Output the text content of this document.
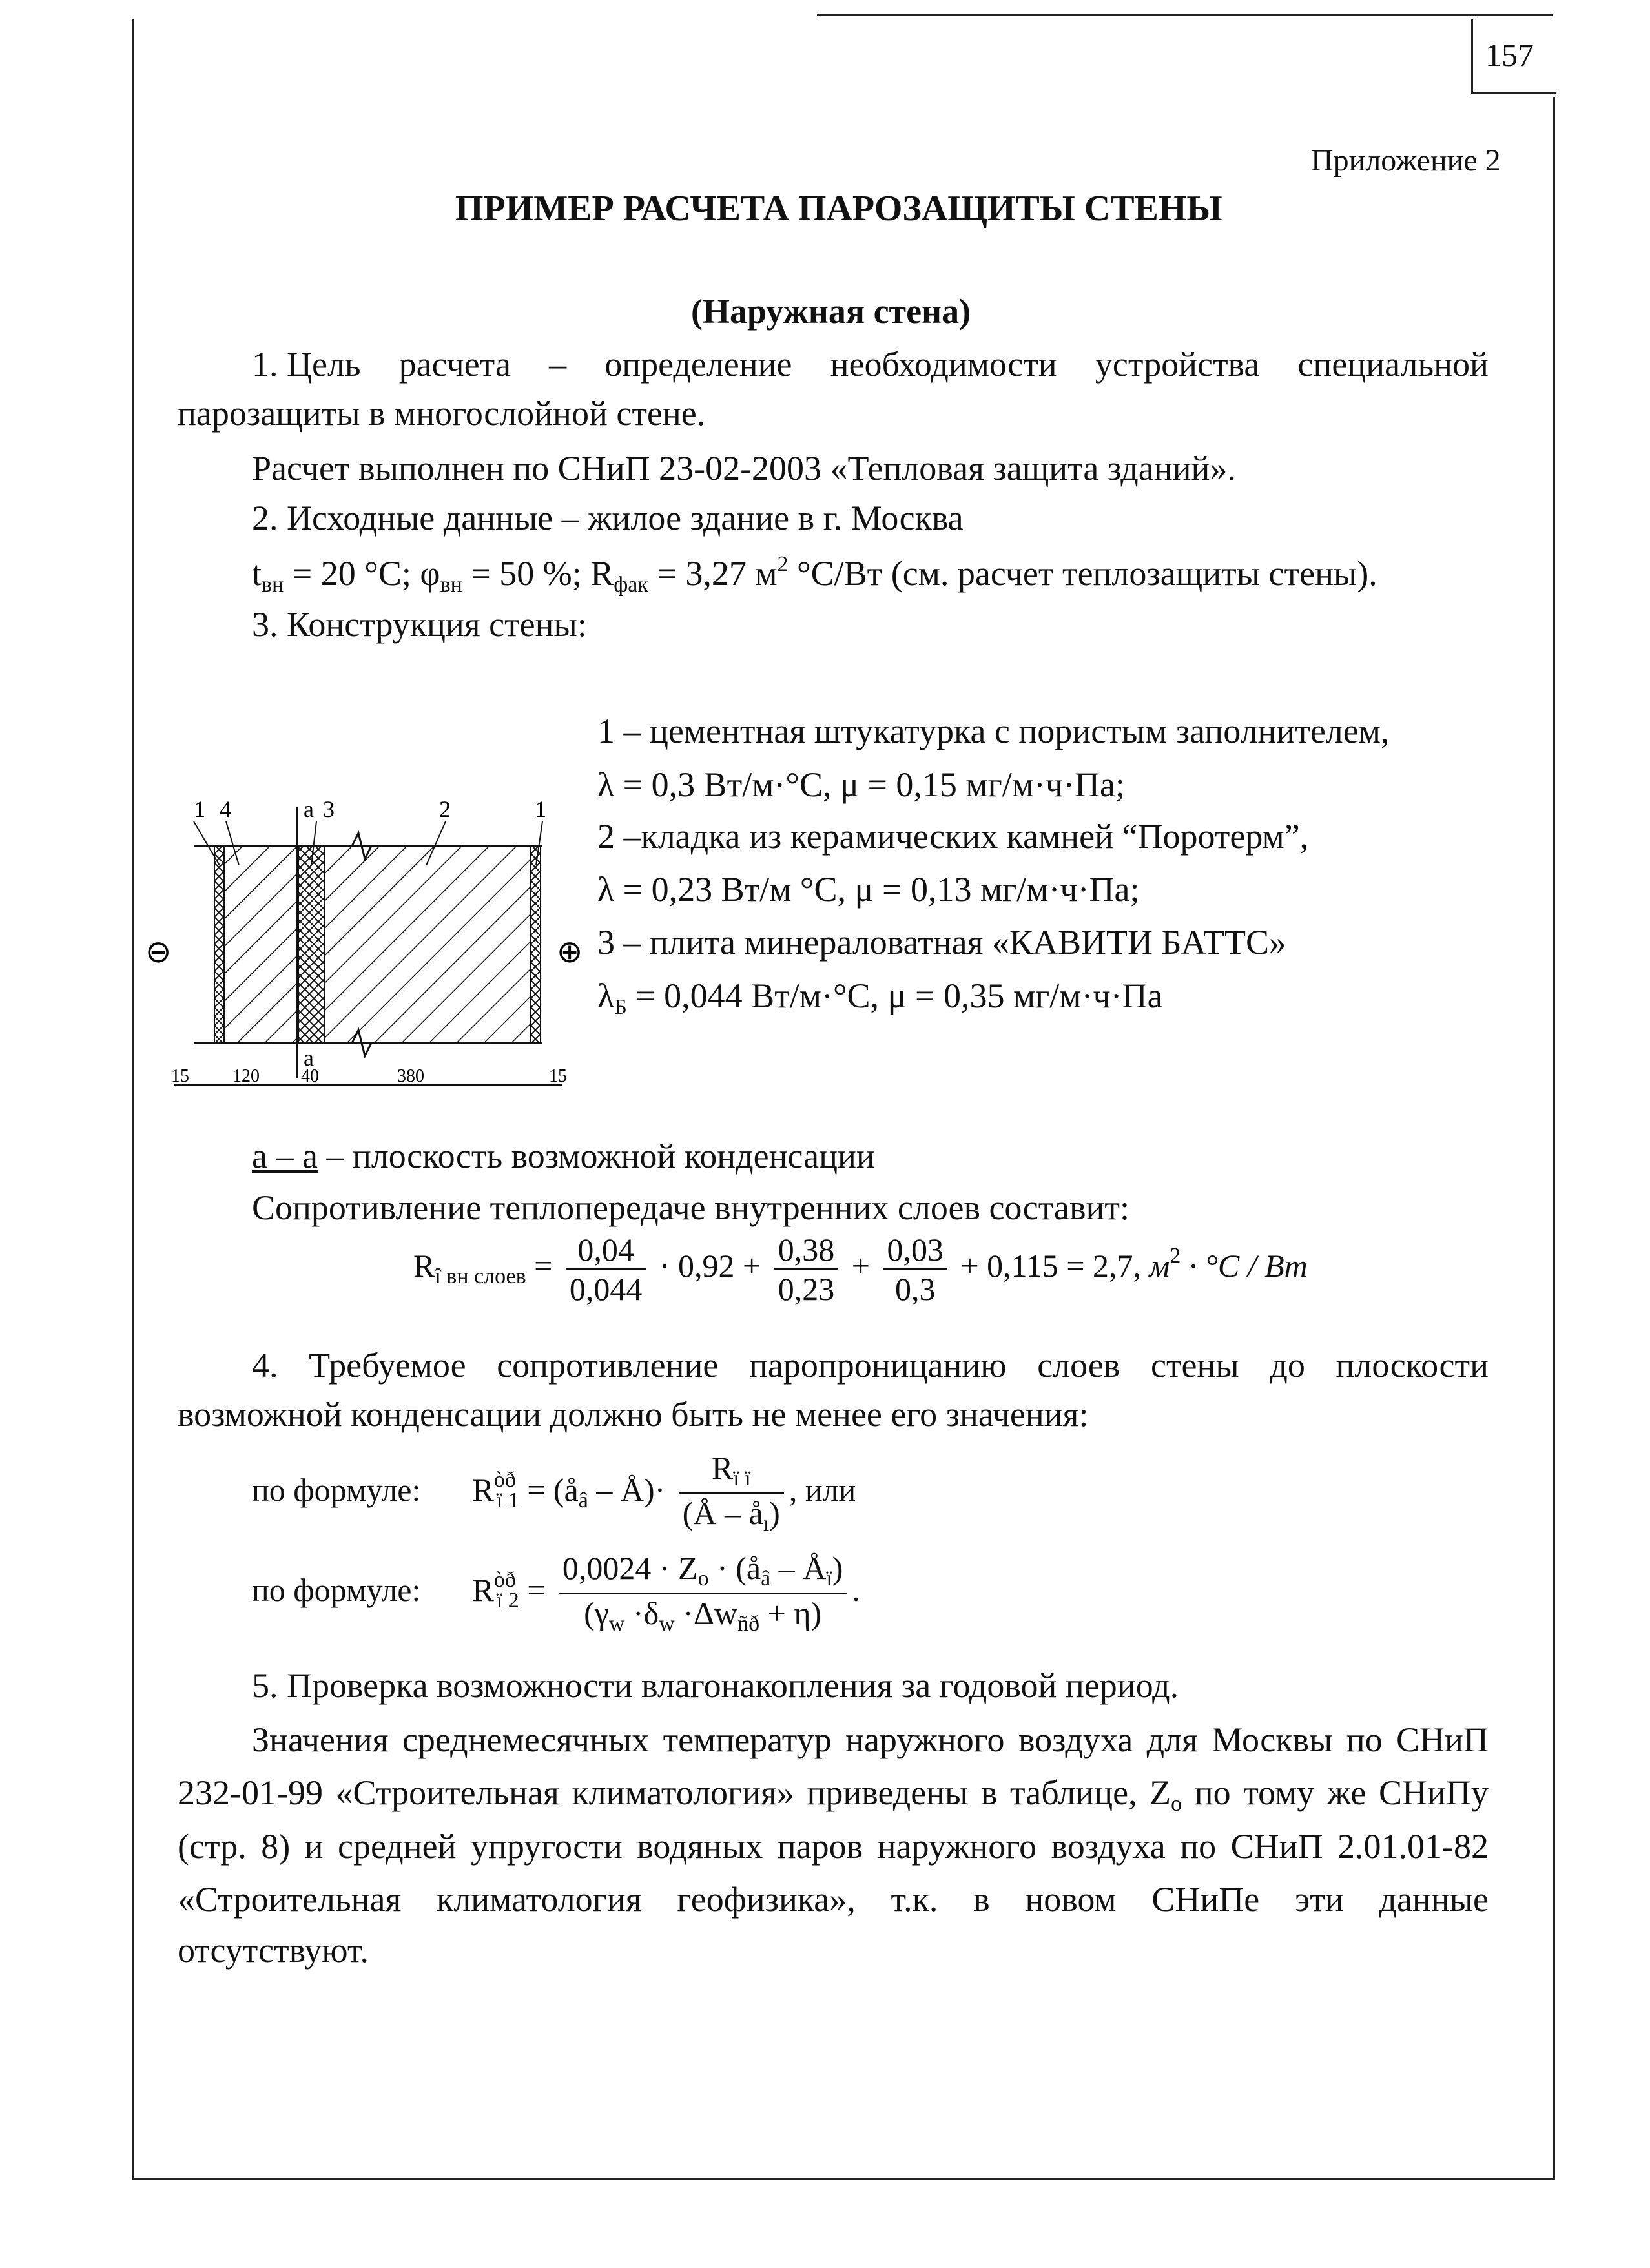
157
Приложение 2
ПРИМЕР РАСЧЕТА ПАРОЗАЩИТЫ СТЕНЫ
(Наружная стена)
1. Цель расчета – определение необходимости устройства специальной
парозащиты в многослойной стене.
Расчет выполнен по СНиП 23-02-2003 «Тепловая защита зданий».
2. Исходные данные – жилое здание в г. Москва
$t_{вн} = 20$ °С; $\varphi_{вн} = 50$ %; $R_{фак} = 3,27$ $м^2$ °С/Вт (см. расчет теплозащиты стены).
3. Конструкция стены:
1 4	а 3	2	1
а
15 120 40	380	15
⊖	⊕
1 – цементная штукатурка с пористым заполнителем,
λ = 0,3 Вт/м·°С, μ = 0,15 мг/м·ч·Па;
2 –кладка из керамических камней “Поротерм”,
λ = 0,23 Вт/м °С, μ = 0,13 мг/м·ч·Па;
3 – плита минераловатная «КАВИТИ БАТТС»
$\lambda_Б = 0,044$ Вт/м·°С, μ = 0,35 мг/м·ч·Па
а – а – плоскость возможной конденсации
Сопротивление теплопередаче внутренних слоев составит:
$R_{î вн слоев} = \frac{0,04}{0,044} \cdot 0,92 + \frac{0,38}{0,23} + \frac{0,03}{0,3} + 0,115 = 2,7$, $м^2 \cdot ^\circ C / Bm$
4. Требуемое сопротивление паропроницанию слоев стены до плоскости
возможной конденсации должно быть не менее его значения:
по формуле: $R^{òð}_{ï 1}$ = ($å_â$ – Å)· $\frac{R_{ï ï}}{(Å - å_ı)}$ , или
по формуле: $R^{òð}_{ï 2} = \frac{0,0024 \cdot Z_o \cdot (å_â - Å_ï)}{(\gamma_w \cdot\delta_w \cdot\Delta w_{ñð} + \eta)}$ .
5. Проверка возможности влагонакопления за годовой период.
Значения среднемесячных температур наружного воздуха для Москвы по СНиП
232-01-99 «Строительная климатология» приведены в таблице, $Z_o$ по тому же СНиПу
(стр. 8) и средней упругости водяных паров наружного воздуха по СНиП 2.01.01-82
«Строительная климатология геофизика», т.к. в новом СНиПе эти данные
отсутствуют.
